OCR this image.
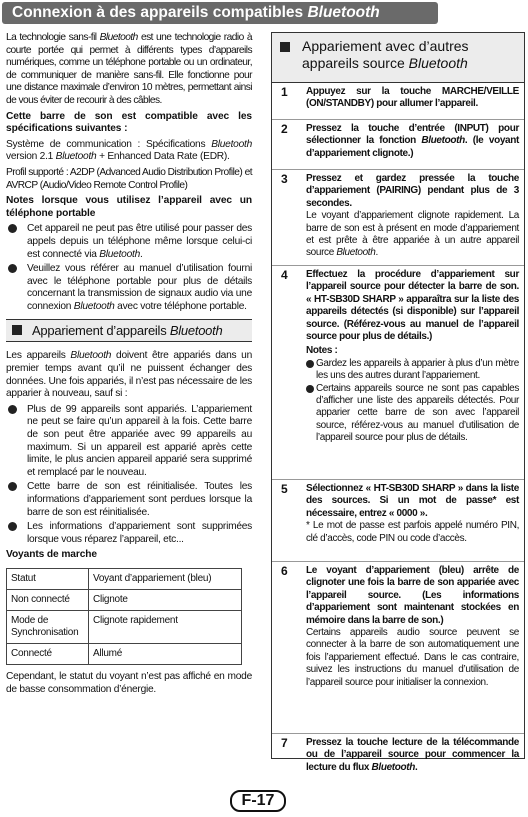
Connexion à des appareils compatibles Bluetooth

La technologie sans-fil Bluetooth est une technologie radio à courte portée qui permet à différents types d’appareils numériques, comme un téléphone portable ou un ordinateur, de communiquer de manière sans-fil. Elle fonctionne pour une distance maximale d’environ 10 mètres, permettant ainsi de vous éviter de recourir à des câbles.

Cette barre de son est compatible avec les spécifications suivantes :

Système de communication : Spécifications Bluetooth version 2.1 Bluetooth + Enhanced Data Rate (EDR).

Profil supporté : A2DP (Advanced Audio Distribution Profile) et AVRCP (Audio/Video Remote Control Profile)

Notes lorsque vous utilisez l’appareil avec un téléphone portable

Cet appareil ne peut pas être utilisé pour passer des appels depuis un téléphone même lorsque celui-ci est connecté via Bluetooth.
Veuillez vous référer au manuel d’utilisation fourni avec le téléphone portable pour plus de détails concernant la transmission de signaux audio via une connexion Bluetooth avec votre téléphone portable.
Appariement d’appareils Bluetooth

Les appareils Bluetooth doivent être appariés dans un premier temps avant qu’il ne puissent échanger des données. Une fois appariés, il n’est pas nécessaire de les apparier à nouveau, sauf si :

Plus de 99 appareils sont appariés. L’appariement ne peut se faire qu’un appareil à la fois. Cette barre de son peut être appariée avec 99 appareils au maximum. Si un appareil est apparié après cette limite, le plus ancien appareil apparié sera supprimé et remplacé par le nouveau.
Cette barre de son est réinitialisée. Toutes les informations d’appariement sont perdues lorsque la barre de son est réinitialisée.
Les informations d’appariement sont supprimées lorsque vous réparez l’appareil, etc...

Voyants de marche

Statut	Voyant d’appariement (bleu)
Non connecté	Clignote
Mode de Synchronisation	Clignote rapidement
Connecté	Allumé

Cependant, le statut du voyant n’est pas affiché en mode de basse consommation d’énergie.

Appariement avec d’autres appareils source Bluetooth
1 Appuyez sur la touche MARCHE/VEILLE (ON/STANDBY) pour allumer l’appareil.
2 Pressez la touche d’entrée (INPUT) pour sélectionner la fonction Bluetooth. (le voyant d’appariement clignote.)
3 Pressez et gardez pressée la touche d’appariement (PAIRING) pendant plus de 3 secondes.
Le voyant d’appariement clignote rapidement. La barre de son est à présent en mode d’appariement et est prête à être appariée à un autre appareil source Bluetooth.
4 Effectuez la procédure d’appariement sur l’appareil source pour détecter la barre de son. « HT-SB30D SHARP » apparaîtra sur la liste des appareils détectés (si disponible) sur l’appareil source. (Référez-vous au manuel de l’appareil source pour plus de détails.)
Notes :
Gardez les appareils à apparier à plus d’un mètre les uns des autres durant l’appariement.
Certains appareils source ne sont pas capables d’afficher une liste des appareils détectés. Pour apparier cette barre de son avec l’appareil source, référez-vous au manuel d’utilisation de l’appareil source pour plus de détails.
5 Sélectionnez « HT-SB30D SHARP » dans la liste des sources. Si un mot de passe* est nécessaire, entrez « 0000 ».
* Le mot de passe est parfois appelé numéro PIN, clé d’accès, code PIN ou code d’accès.
6 Le voyant d’appariement (bleu) arrête de clignoter une fois la barre de son appariée avec l’appareil source. (Les informations d’appariement sont maintenant stockées en mémoire dans la barre de son.)
Certains appareils audio source peuvent se connecter à la barre de son automatiquement une fois l’appariement effectué. Dans le cas contraire, suivez les instructions du manuel d’utilisation de l’appareil source pour initialiser la connexion.
7 Pressez la touche lecture de la télécommande ou de l’appareil source pour commencer la lecture du flux Bluetooth.
F-17
